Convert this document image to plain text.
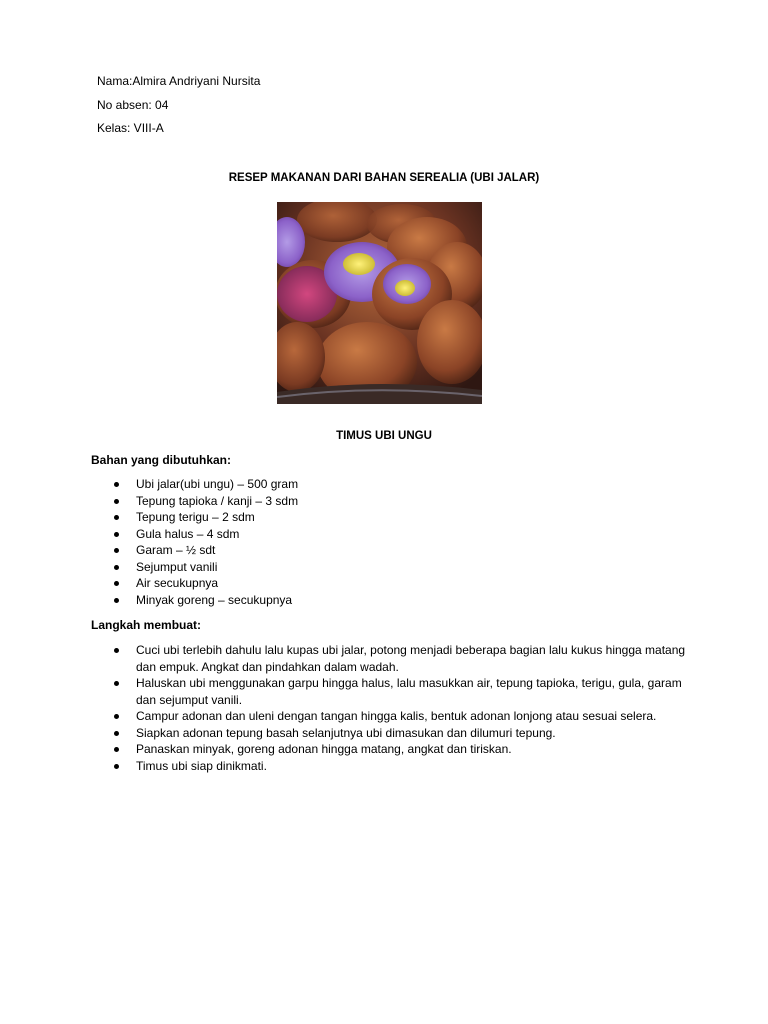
Nama:Almira Andriyani Nursita
No absen: 04
Kelas: VIII-A
RESEP MAKANAN DARI BAHAN SEREALIA (UBI JALAR)
TIMUS UBI UNGU
Bahan yang dibutuhkan:
Ubi jalar(ubi ungu) – 500 gram
Tepung tapioka / kanji – 3 sdm
Tepung terigu – 2 sdm
Gula halus – 4 sdm
Garam – ½ sdt
Sejumput vanili
Air secukupnya
Minyak goreng – secukupnya
Langkah membuat:
Cuci ubi terlebih dahulu lalu kupas ubi jalar, potong menjadi beberapa bagian lalu kukus hingga matang dan empuk. Angkat dan pindahkan dalam wadah.
Haluskan ubi menggunakan garpu hingga halus, lalu masukkan air, tepung tapioka, terigu, gula, garam dan sejumput vanili.
Campur adonan dan uleni dengan tangan hingga kalis, bentuk adonan lonjong atau sesuai selera.
Siapkan adonan tepung basah selanjutnya ubi dimasukan dan dilumuri tepung.
Panaskan minyak, goreng adonan hingga matang, angkat dan tiriskan.
Timus ubi siap dinikmati.
